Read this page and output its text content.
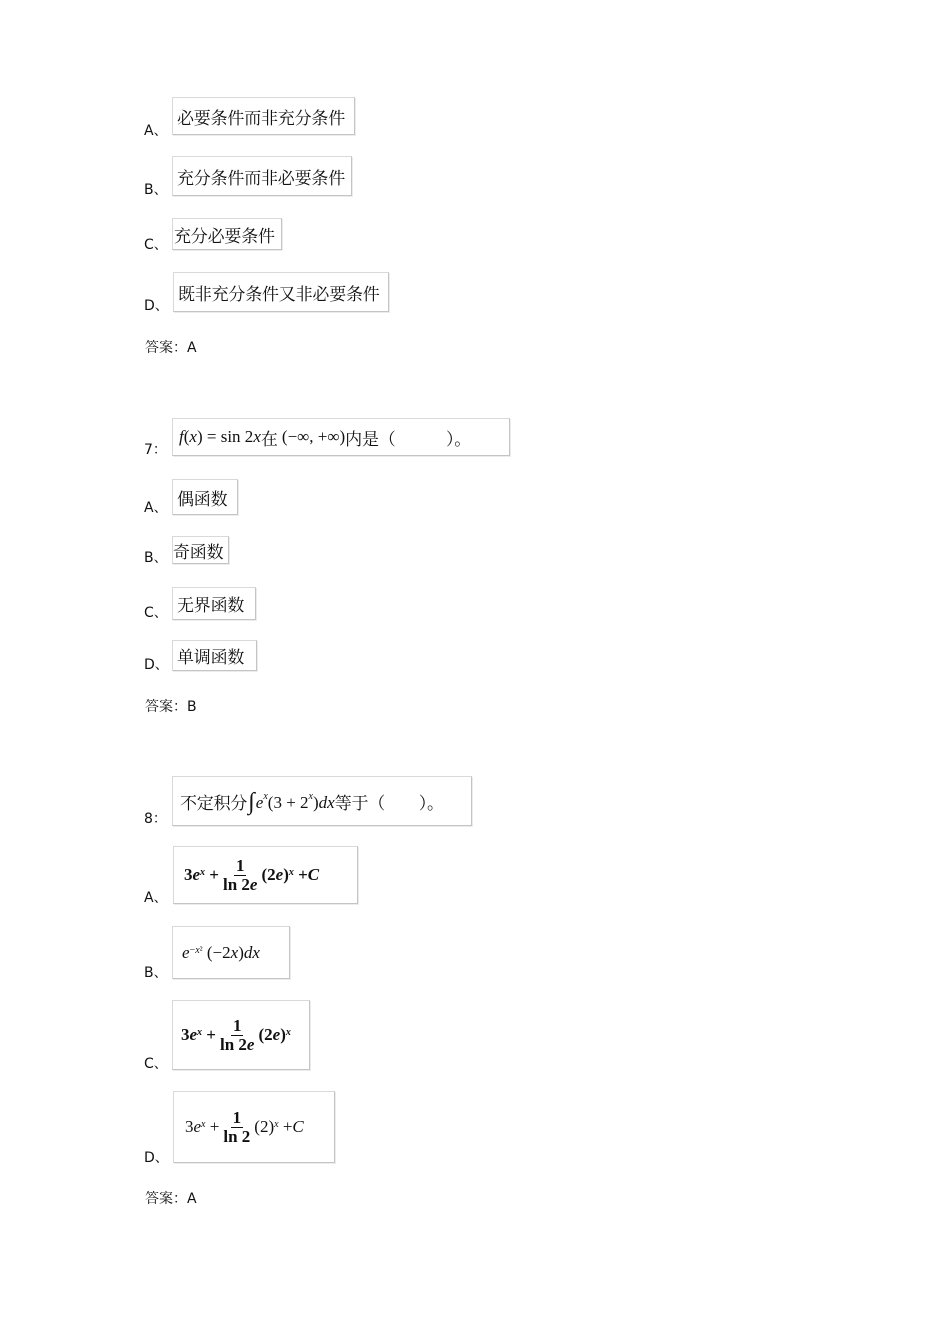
A、
必要条件而非充分条件
B、
充分条件而非必要条件
C、 充分必要条件
D、
既非充分条件又非必要条件
答案：A
7：
f ( x ) = sin 2 x 在
(−∞, +∞) 内是（　　　）。
A、 偶函数
B、 奇函数
C、 无界函数
D、 单调函数
答案：B
8：
不定积分 $\int e^x(3 + 2^x)dx$ 等于（　　）。
A、
3 $e^x + \frac{1}{\ln 2e} (2$ e )$^x$ + C
B、
$e^{-x^2}$ (−2 x ) dx
C、
3 $e^x + \frac{1}{\ln 2e} (2$ e )$^x$
D、
3 $e^x + \frac{1}{\ln 2} (2)^x + C$
答案：A
